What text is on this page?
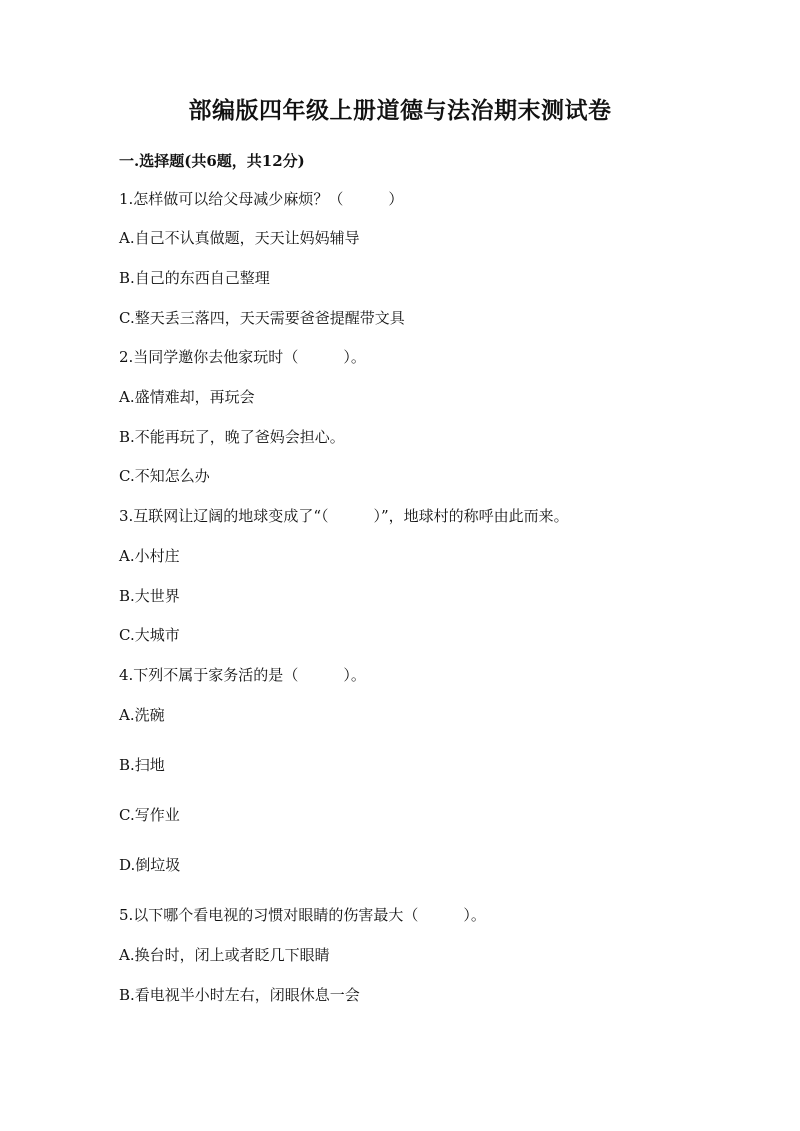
部编版四年级上册道德与法治期末测试卷
一.选择题(共6题，共12分)
1.怎样做可以给父母减少麻烦？（　　　）
A.自己不认真做题，天天让妈妈辅导
B.自己的东西自己整理
C.整天丢三落四，天天需要爸爸提醒带文具
2.当同学邀你去他家玩时（　　　）。
A.盛情难却，再玩会
B.不能再玩了，晚了爸妈会担心。
C.不知怎么办
3.互联网让辽阔的地球变成了“（　　　）”，地球村的称呼由此而来。
A.小村庄
B.大世界
C.大城市
4.下列不属于家务活的是（　　　）。
A.洗碗
B.扫地
C.写作业
D.倒垃圾
5.以下哪个看电视的习惯对眼睛的伤害最大（　　　）。
A.换台时，闭上或者眨几下眼睛
B.看电视半小时左右，闭眼休息一会
